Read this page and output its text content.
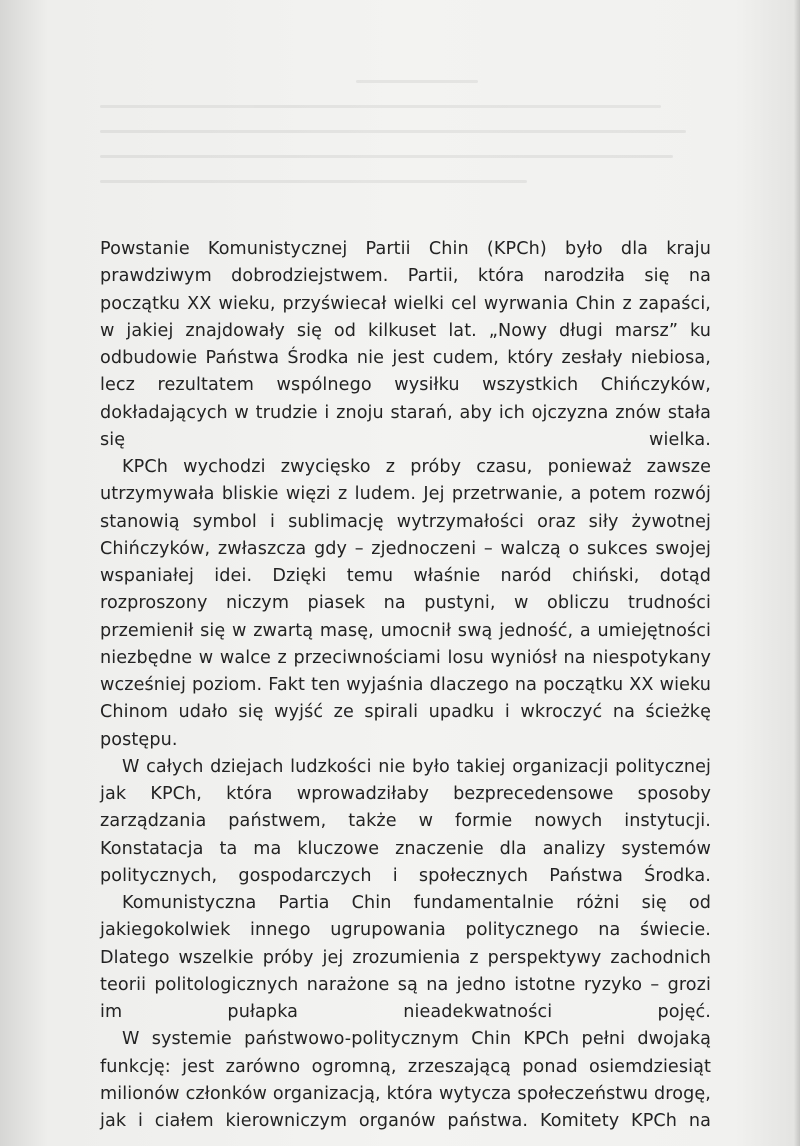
Powstanie Komunistycznej Partii Chin (KPCh) było dla kraju prawdziwym dobrodziejstwem. Partii, która narodziła się na początku XX wieku, przyświecał wielki cel wyrwania Chin z zapaści, w jakiej znajdowały się od kilkuset lat. „Nowy długi marsz” ku odbudowie Państwa Środka nie jest cudem, który zesłały niebiosa, lecz rezultatem wspólnego wysiłku wszystkich Chińczyków, dokładających w trudzie i znoju starań, aby ich ojczyzna znów stała się wielka.

KPCh wychodzi zwycięsko z próby czasu, ponieważ zawsze utrzymywała bliskie więzi z ludem. Jej przetrwanie, a potem rozwój stanowią symbol i sublimację wytrzymałości oraz siły żywotnej Chińczyków, zwłaszcza gdy – zjednoczeni – walczą o sukces swojej wspaniałej idei. Dzięki temu właśnie naród chiński, dotąd rozproszony niczym piasek na pustyni, w obliczu trudności przemienił się w zwartą masę, umocnił swą jedność, a umiejętności niezbędne w walce z przeciwnościami losu wyniósł na niespotykany wcześniej poziom. Fakt ten wyjaśnia dlaczego na początku XX wieku Chinom udało się wyjść ze spirali upadku i wkroczyć na ścieżkę postępu.

W całych dziejach ludzkości nie było takiej organizacji politycznej jak KPCh, która wprowadziłaby bezprecedensowe sposoby zarządzania państwem, także w formie nowych instytucji. Konstatacja ta ma kluczowe znaczenie dla analizy systemów politycznych, gospodarczych i społecznych Państwa Środka.

Komunistyczna Partia Chin fundamentalnie różni się od jakiegokolwiek innego ugrupowania politycznego na świecie. Dlatego wszelkie próby jej zrozumienia z perspektywy zachodnich teorii politologicznych narażone są na jedno istotne ryzyko – grozi im pułapka nieadekwatności pojęć.

W systemie państwowo-politycznym Chin KPCh pełni dwojaką funkcję: jest zarówno ogromną, zrzeszającą ponad osiemdziesiąt milionów członków organizacją, która wytycza społeczeństwu drogę, jak i ciałem kierowniczym organów państwa. Komitety KPCh na
